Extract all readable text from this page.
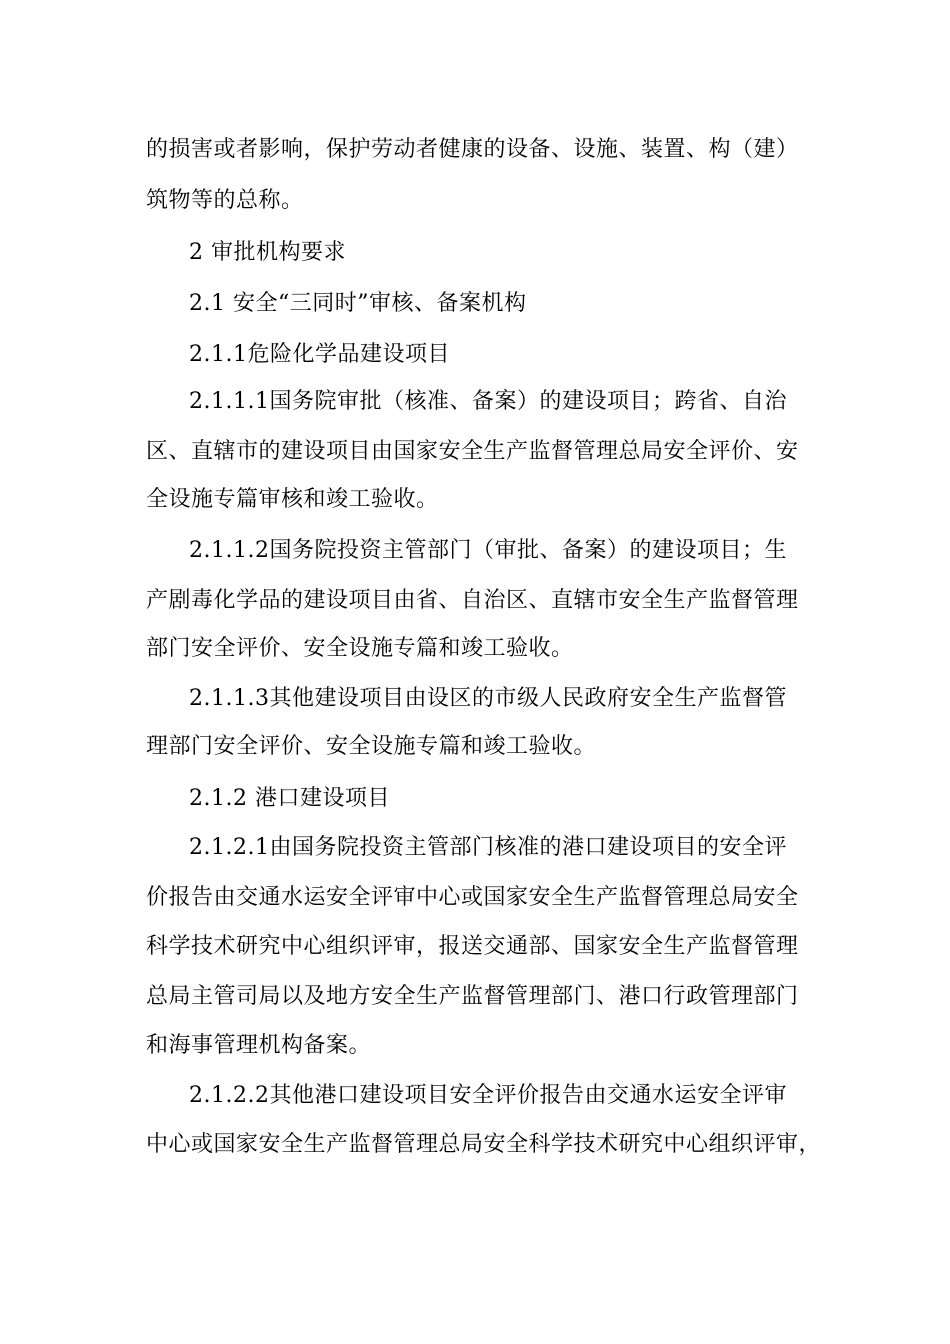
的损害或者影响，保护劳动者健康的设备、设施、装置、构（建）
筑物等的总称。
2 审批机构要求
2.1 安全“三同时”审核、备案机构
2.1.1危险化学品建设项目
2.1.1.1国务院审批（核准、备案）的建设项目；跨省、自治
区、直辖市的建设项目由国家安全生产监督管理总局安全评价、安
全设施专篇审核和竣工验收。
2.1.1.2国务院投资主管部门（审批、备案）的建设项目；生
产剧毒化学品的建设项目由省、自治区、直辖市安全生产监督管理
部门安全评价、安全设施专篇和竣工验收。
2.1.1.3其他建设项目由设区的市级人民政府安全生产监督管
理部门安全评价、安全设施专篇和竣工验收。
2.1.2 港口建设项目
2.1.2.1由国务院投资主管部门核准的港口建设项目的安全评
价报告由交通水运安全评审中心或国家安全生产监督管理总局安全
科学技术研究中心组织评审，报送交通部、国家安全生产监督管理
总局主管司局以及地方安全生产监督管理部门、港口行政管理部门
和海事管理机构备案。
2.1.2.2其他港口建设项目安全评价报告由交通水运安全评审
中心或国家安全生产监督管理总局安全科学技术研究中心组织评审，
